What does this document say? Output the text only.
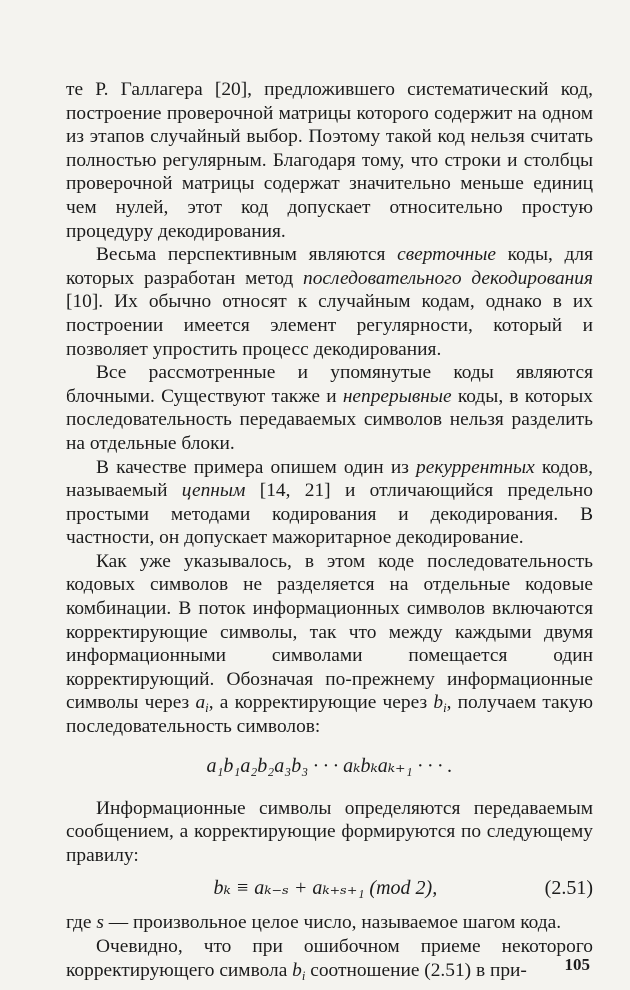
те Р. Галлагера [20], предложившего систематический код, построение проверочной матрицы которого содержит на одном из этапов случайный выбор. Поэтому такой код нельзя считать полностью регулярным. Благодаря тому, что строки и столбцы проверочной матрицы содержат значительно меньше единиц чем нулей, этот код допускает относительно простую процедуру декодирования.

Весьма перспективным являются сверточные коды, для которых разработан метод последовательного декодирования [10]. Их обычно относят к случайным кодам, однако в их построении имеется элемент регулярности, который и позволяет упростить процесс декодирования.

Все рассмотренные и упомянутые коды являются блочными. Существуют также и непрерывные коды, в которых последовательность передаваемых символов нельзя разделить на отдельные блоки.

В качестве примера опишем один из рекуррентных кодов, называемый цепным [14, 21] и отличающийся предельно простыми методами кодирования и декодирования. В частности, он допускает мажоритарное декодирование.

Как уже указывалось, в этом коде последовательность кодовых символов не разделяется на отдельные кодовые комбинации. В поток информационных символов включаются корректирующие символы, так что между каждыми двумя информационными символами помещается один корректирующий. Обозначая по-прежнему информационные символы через $a_i$, а корректирующие через $b_i$, получаем такую последовательность символов:

a₁b₁a₂b₂a₃b₃ · · · aₖbₖaₖ₊₁ · · · .

Информационные символы определяются передаваемым сообщением, а корректирующие формируются по следующему правилу:

bₖ ≡ aₖ₋ₛ + aₖ₊ₛ₊₁ (mod 2),	(2.51)

где s — произвольное целое число, называемое шагом кода.

Очевидно, что при ошибочном приеме некоторого корректирующего символа $b_i$ соотношение (2.51) в при-	105
